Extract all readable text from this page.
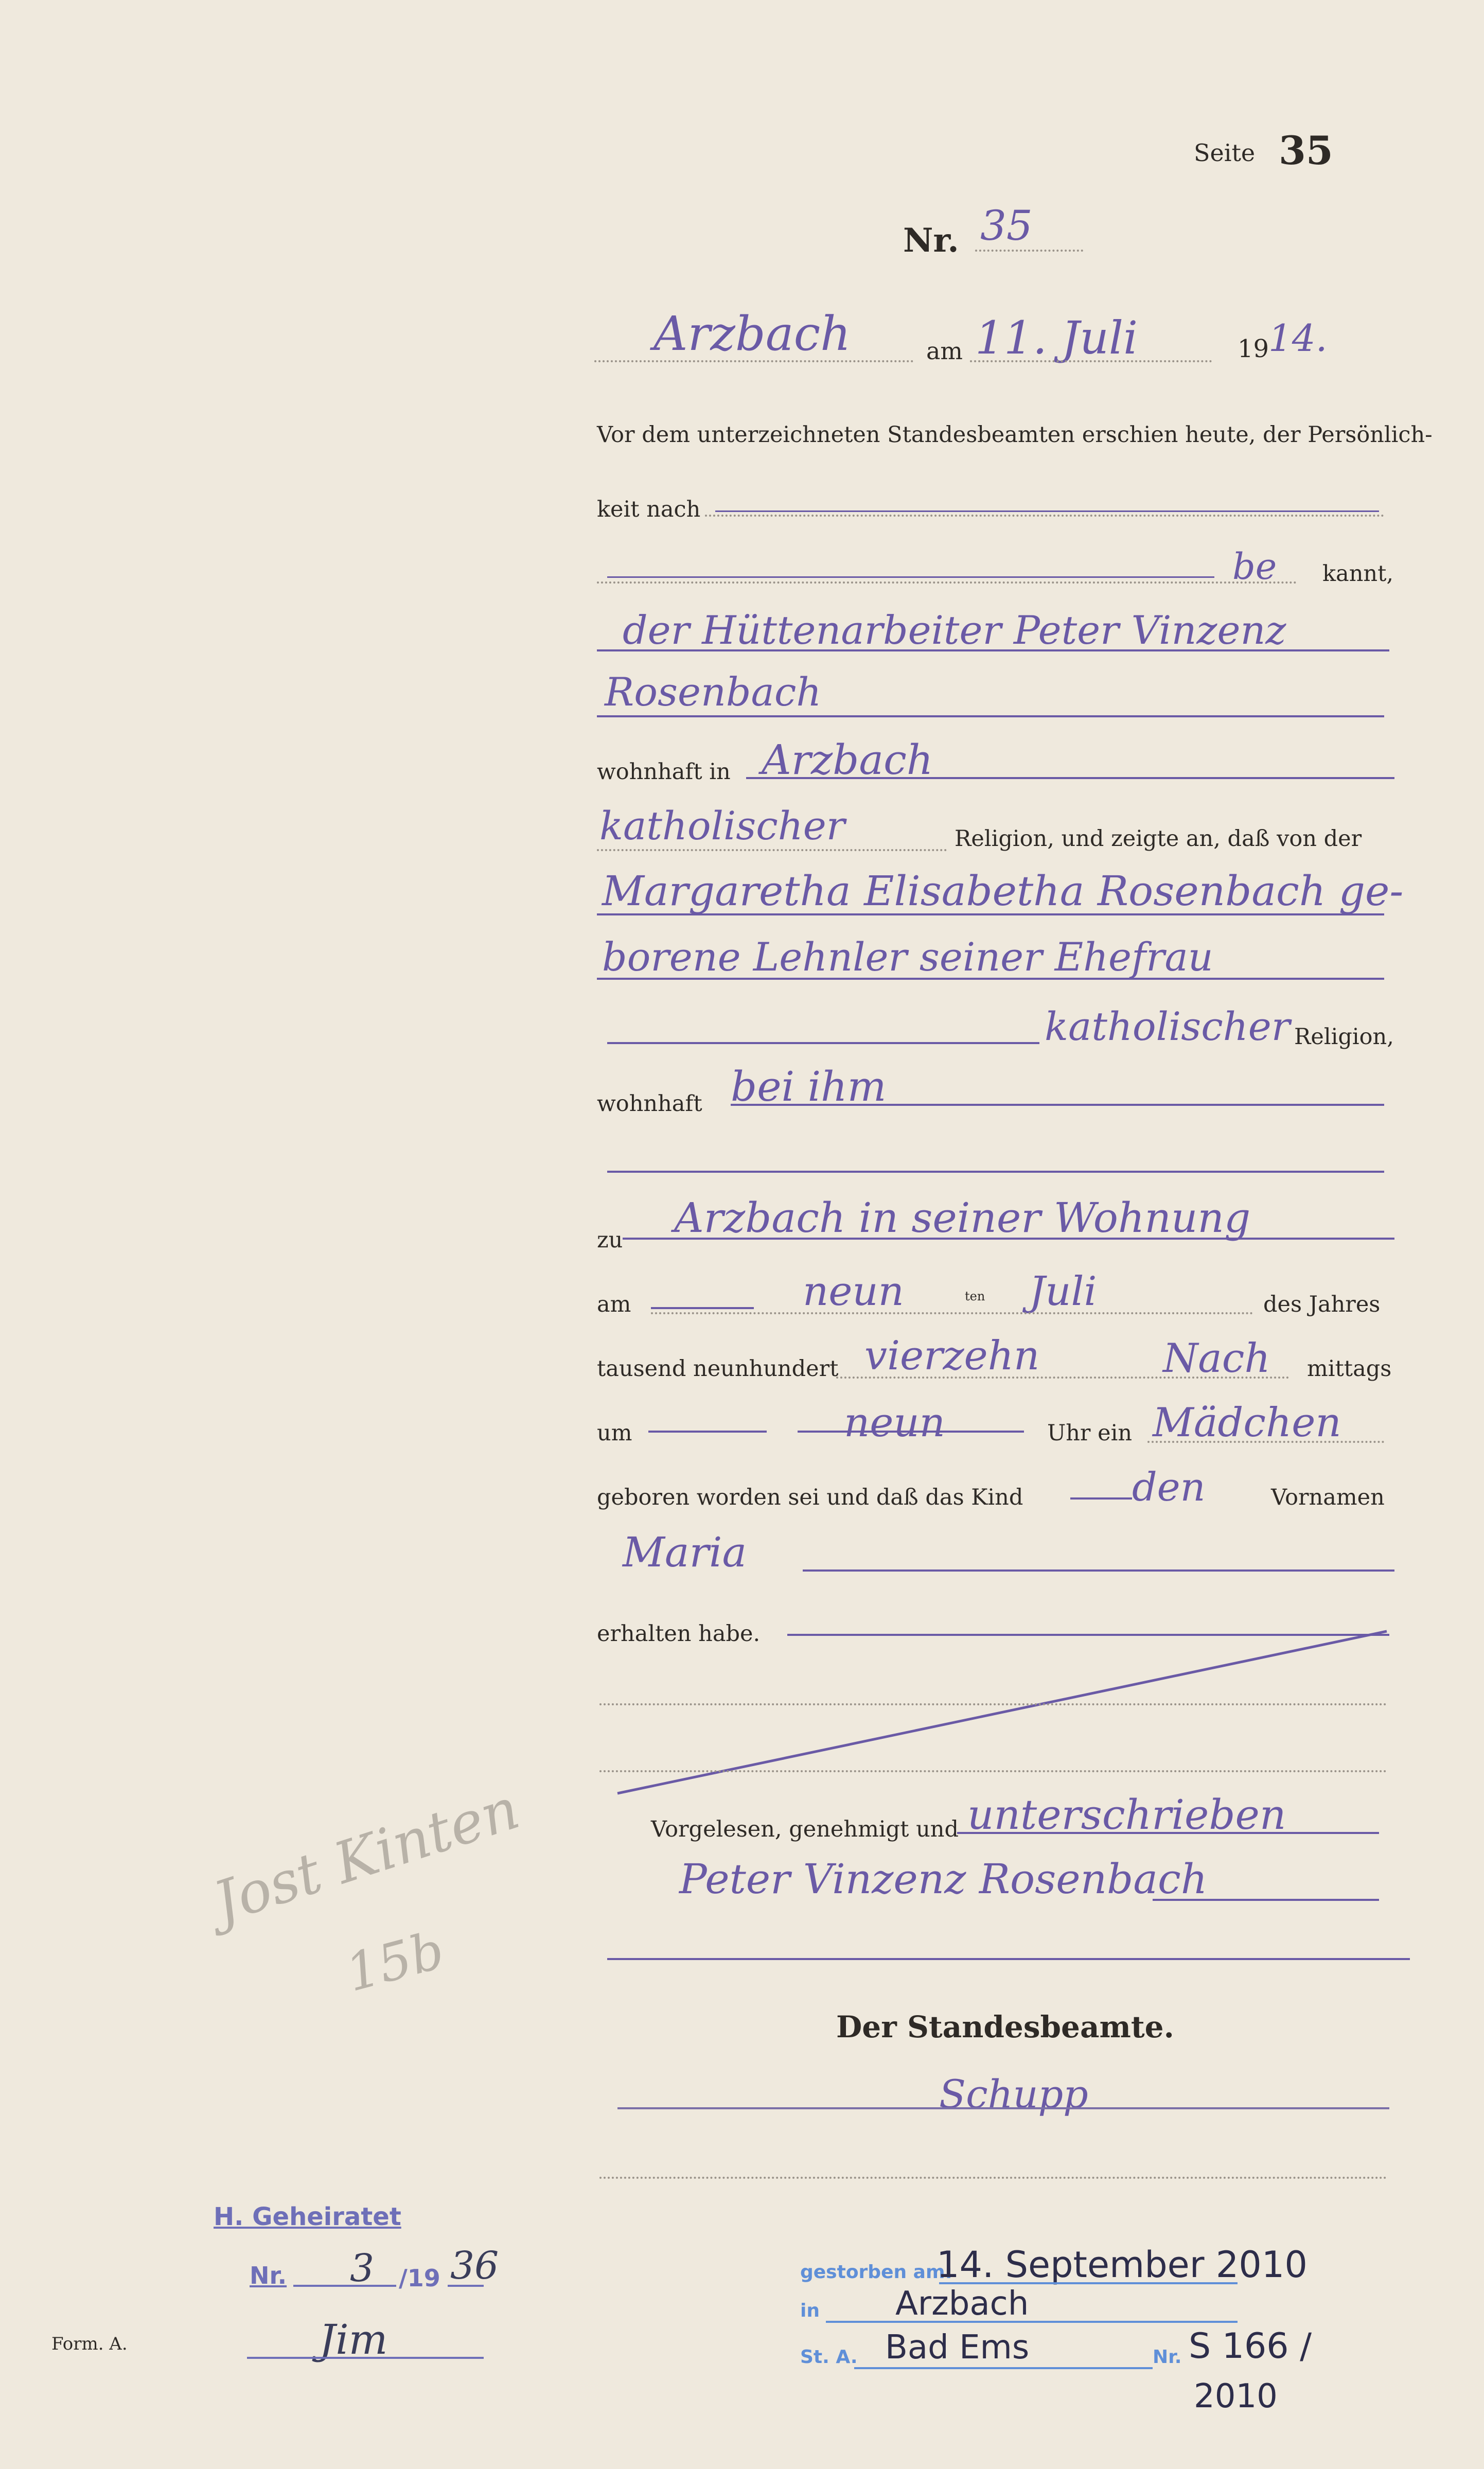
Seite 35
Nr. 35
Arzbach	am 11. Juli	19
14.
Vor dem unterzeichneten Standesbeamten erschien heute, der Persönlich-
keit nach
be kannt,
der Hüttenarbeiter Peter Vinzenz
Rosenbach
wohnhaft in Arzbach
katholischer	Religion, und zeigte an, daß von der
Margaretha Elisabetha Rosenbach ge-
borene Lehnler seiner Ehefrau
katholischer Religion,
wohnhaft bei ihm
zu Arzbach in seiner Wohnung
am	neun	ten Juli	des Jahres
tausend neunhundert vierzehn	Nach mittags
um	neun	Uhr ein Mädchen
geboren worden sei und daß das Kind	den	Vornamen
Maria
erhalten habe.
Vorgelesen, genehmigt und unterschrieben
Peter Vinzenz Rosenbach
Der Standesbeamte.
Schupp
Jost Kinten
15b
H. Geheiratet
Nr. 3 /19 36
Jim
Form. A.
gestorben am:
14. September 2010
in Arzbach
St. A. Bad Ems	Nr. S 166 /
2010
